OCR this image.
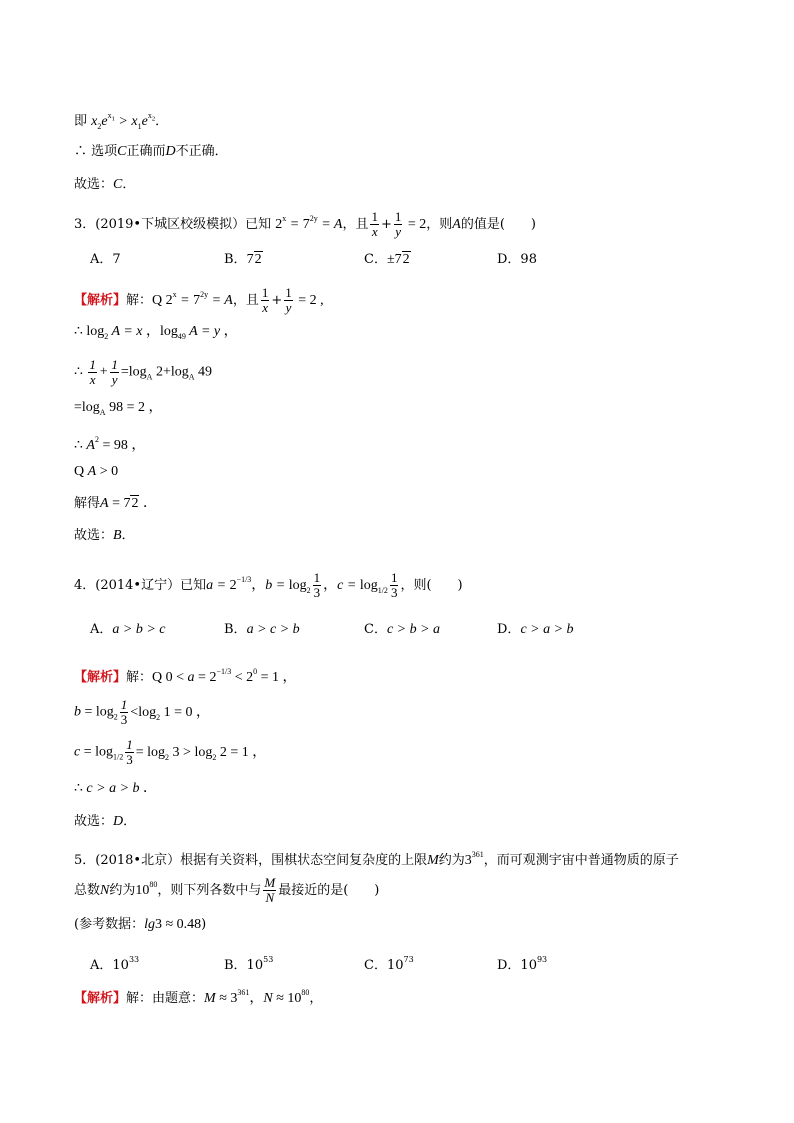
即 $x_2e^{x_1} > x_1e^{x_2}$．
∴ 选项C正确而D不正确．
故选：C．
3．(2019•下城区校级模拟）已知 $2^x = 7^{2y} = A$，且 $\frac{1}{x} + \frac{1}{y} = 2$，则A的值是(　　)
A．7	B．72	C．±72	D．98
【解析】解：Q $2^x = 7^{2y} = A$，且 $\frac{1}{x} + \frac{1}{y} = 2$ ,
∴ $\log_2 A = x$ ，$\log_{49} A = y$ ，
∴ $\frac{1}{x} + \frac{1}{y} =\log_A$ $2+\log_A$ 49
$=\log_A$ 98 = 2 ，
∴ $A^2 = 98$ ，
Q A > 0
解得A = 72 ．
故选：B．
4．(2014•辽宁）已知$a = 2^{-1/3}$，$b = \log_2 \frac{1}{3}$ ，$c = \log_{1/2} \frac{1}{3}$ ，则(　　)
A．a > b > c	B．a > c > b	C．c > b > a	D．c > a > b
【解析】解：Q $0 < a = 2^{-1/3} < 2^0 = 1$ ，
$b = \log_2 \frac{1}{3} <\log_2$ 1 = 0 ，
$c = \log_{1/2} \frac{1}{3} = \log_2 3 > \log_2 2 = 1$ ，
∴ c > a > b ．
故选：D．
5．(2018•北京）根据有关资料，围棋状态空间复杂度的上限M约为$3^{361}$，而可观测宇宙中普通物质的原子
总数N约为$10^{80}$，则下列各数中与 $\frac{M}{N}$ 最接近的是(　　)
(参考数据：lg3 ≈ 0.48)
A．$10^{33}$	B．$10^{53}$	C．$10^{73}$	D．$10^{93}$
【解析】解：由题意：$M \approx 3^{361}$，$N \approx 10^{80}$，
